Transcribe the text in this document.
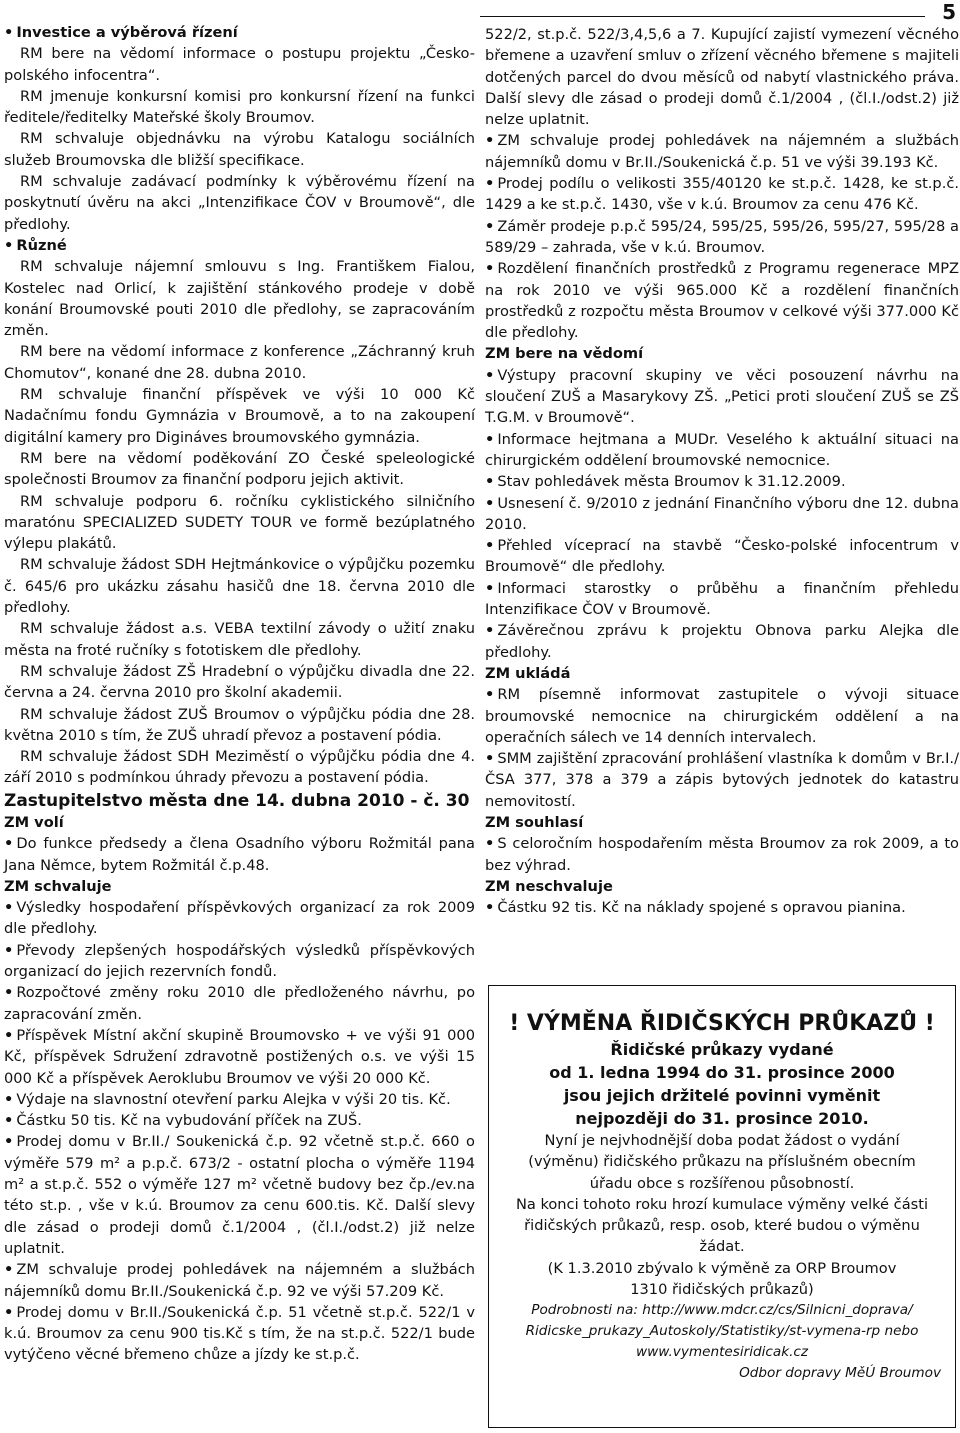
5

• Investice a výběrová řízení

RM bere na vědomí informace o postupu projektu „Česko-polského infocentra“.

RM jmenuje konkursní komisi pro konkursní řízení na funkci ředitele/ředitelky Mateřské školy Broumov.

RM schvaluje objednávku na výrobu Katalogu sociálních služeb Broumovska dle bližší specifikace.

RM schvaluje zadávací podmínky k výběrovému řízení na poskytnutí úvěru na akci „Intenzifikace ČOV v Broumově“, dle předlohy.

• Různé

RM schvaluje nájemní smlouvu s Ing. Františkem Fialou, Kostelec nad Orlicí, k zajištění stánkového prodeje v době konání Broumovské pouti 2010 dle předlohy, se zapracováním změn.

RM bere na vědomí informace z konference „Záchranný kruh Chomutov“, konané dne 28. dubna 2010.

RM schvaluje finanční příspěvek ve výši 10 000 Kč Nadačnímu fondu Gymnázia v Broumově, a to na zakoupení digitální kamery pro Digináves broumovského gymnázia.

RM bere na vědomí poděkování ZO České speleologické společnosti Broumov za finanční podporu jejich aktivit.

RM schvaluje podporu 6. ročníku cyklistického silničního maratónu SPECIALIZED SUDETY TOUR ve formě bezúplatného výlepu plakátů.

RM schvaluje žádost SDH Hejtmánkovice o výpůjčku pozemku č. 645/6 pro ukázku zásahu hasičů dne 18. června 2010 dle předlohy.

RM schvaluje žádost a.s. VEBA textilní závody o užití znaku města na froté ručníky s fototiskem dle předlohy.

RM schvaluje žádost ZŠ Hradební o výpůjčku divadla dne 22. června a 24. června 2010 pro školní akademii.

RM schvaluje žádost ZUŠ Broumov o výpůjčku pódia dne 28. května 2010 s tím, že ZUŠ uhradí převoz a postavení pódia.

RM schvaluje žádost SDH Meziměstí o výpůjčku pódia dne 4. září 2010 s podmínkou úhrady převozu a postavení pódia.

Zastupitelstvo města dne 14. dubna 2010 - č. 30

ZM volí

• Do funkce předsedy a člena Osadního výboru Rožmitál pana Jana Němce, bytem Rožmitál č.p.48.

ZM schvaluje

• Výsledky hospodaření příspěvkových organizací za rok 2009 dle předlohy.

• Převody zlepšených hospodářských výsledků příspěvkových organizací do jejich rezervních fondů.

• Rozpočtové změny roku 2010 dle předloženého návrhu, po zapracování změn.

• Příspěvek Místní akční skupině Broumovsko + ve výši 91 000 Kč, příspěvek Sdružení zdravotně postižených o.s. ve výši 15 000 Kč a příspěvek Aeroklubu Broumov ve výši 20 000 Kč.

• Výdaje na slavnostní otevření parku Alejka v výši 20 tis. Kč.

• Částku 50 tis. Kč na vybudování příček na ZUŠ.

• Prodej domu v Br.II./ Soukenická č.p. 92 včetně st.p.č. 660 o výměře 579 m² a p.p.č. 673/2 - ostatní plocha o výměře 1194 m² a st.p.č. 552 o výměře 127 m² včetně budovy bez čp./ev.na této st.p. , vše v k.ú. Broumov za cenu 600.tis. Kč. Další slevy dle zásad o prodeji domů č.1/2004 , (čl.I./odst.2) již nelze uplatnit.

• ZM schvaluje prodej pohledávek na nájemném a službách nájemníků domu Br.II./Soukenická č.p. 92 ve výši 57.209 Kč.

• Prodej domu v Br.II./Soukenická č.p. 51 včetně st.p.č. 522/1 v k.ú. Broumov za cenu 900 tis.Kč s tím, že na st.p.č. 522/1 bude vytýčeno věcné břemeno chůze a jízdy ke st.p.č.

522/2, st.p.č. 522/3,4,5,6 a 7. Kupující zajistí vymezení věcného břemene a uzavření smluv o zřízení věcného břemene s majiteli dotčených parcel do dvou měsíců od nabytí vlastnického práva. Další slevy dle zásad o prodeji domů č.1/2004 , (čl.I./odst.2) již nelze uplatnit.

• ZM schvaluje prodej pohledávek na nájemném a službách nájemníků domu v Br.II./Soukenická č.p. 51 ve výši 39.193 Kč.

• Prodej podílu o velikosti 355/40120 ke st.p.č. 1428, ke st.p.č. 1429 a ke st.p.č. 1430, vše v k.ú. Broumov za cenu 476 Kč.

• Záměr prodeje p.p.č 595/24, 595/25, 595/26, 595/27, 595/28 a 589/29 – zahrada, vše v k.ú. Broumov.

• Rozdělení finančních prostředků z Programu regenerace MPZ na rok 2010 ve výši 965.000 Kč a rozdělení finančních prostředků z rozpočtu města Broumov v celkové výši 377.000 Kč dle předlohy.

ZM bere na vědomí

• Výstupy pracovní skupiny ve věci posouzení návrhu na sloučení ZUŠ a Masarykovy ZŠ. „Petici proti sloučení ZUŠ se ZŠ T.G.M. v Broumově“.

• Informace hejtmana a MUDr. Veselého k aktuální situaci na chirurgickém oddělení broumovské nemocnice.

• Stav pohledávek města Broumov k 31.12.2009.

• Usnesení č. 9/2010 z jednání Finančního výboru dne 12. dubna 2010.

• Přehled víceprací na stavbě “Česko-polské infocentrum v Broumově“ dle předlohy.

• Informaci starostky o průběhu a finančním přehledu Intenzifikace ČOV v Broumově.

• Závěrečnou zprávu k projektu Obnova parku Alejka dle předlohy.

ZM ukládá

• RM písemně informovat zastupitele o vývoji situace broumovské nemocnice na chirurgickém oddělení a na operačních sálech ve 14 denních intervalech.

• SMM zajištění zpracování prohlášení vlastníka k domům v Br.I./ČSA 377, 378 a 379 a zápis bytových jednotek do katastru nemovitostí.

ZM souhlasí

• S celoročním hospodařením města Broumov za rok 2009, a to bez výhrad.

ZM neschvaluje

• Částku 92 tis. Kč na náklady spojené s opravou pianina.

! VÝMĚNA ŘIDIČSKÝCH PRŮKAZŮ !
Řidičské průkazy vydané
od 1. ledna 1994 do 31. prosince 2000
jsou jejich držitelé povinni vyměnit
nejpozději do 31. prosince 2010.
Nyní je nejvhodnější doba podat žádost o vydání (výměnu) řidičského průkazu na příslušném obecním úřadu obce s rozšířenou působností.
Na konci tohoto roku hrozí kumulace výměny velké části řidičských průkazů, resp. osob, které budou o výměnu žádat.
(K 1.3.2010 zbývalo k výměně za ORP Broumov 1310 řidičských průkazů)
Podrobnosti na: http://www.mdcr.cz/cs/Silnicni_doprava/
Ridicske_prukazy_Autoskoly/Statistiky/st-vymena-rp nebo
www.vymentesiridicak.cz
Odbor dopravy MěÚ Broumov
